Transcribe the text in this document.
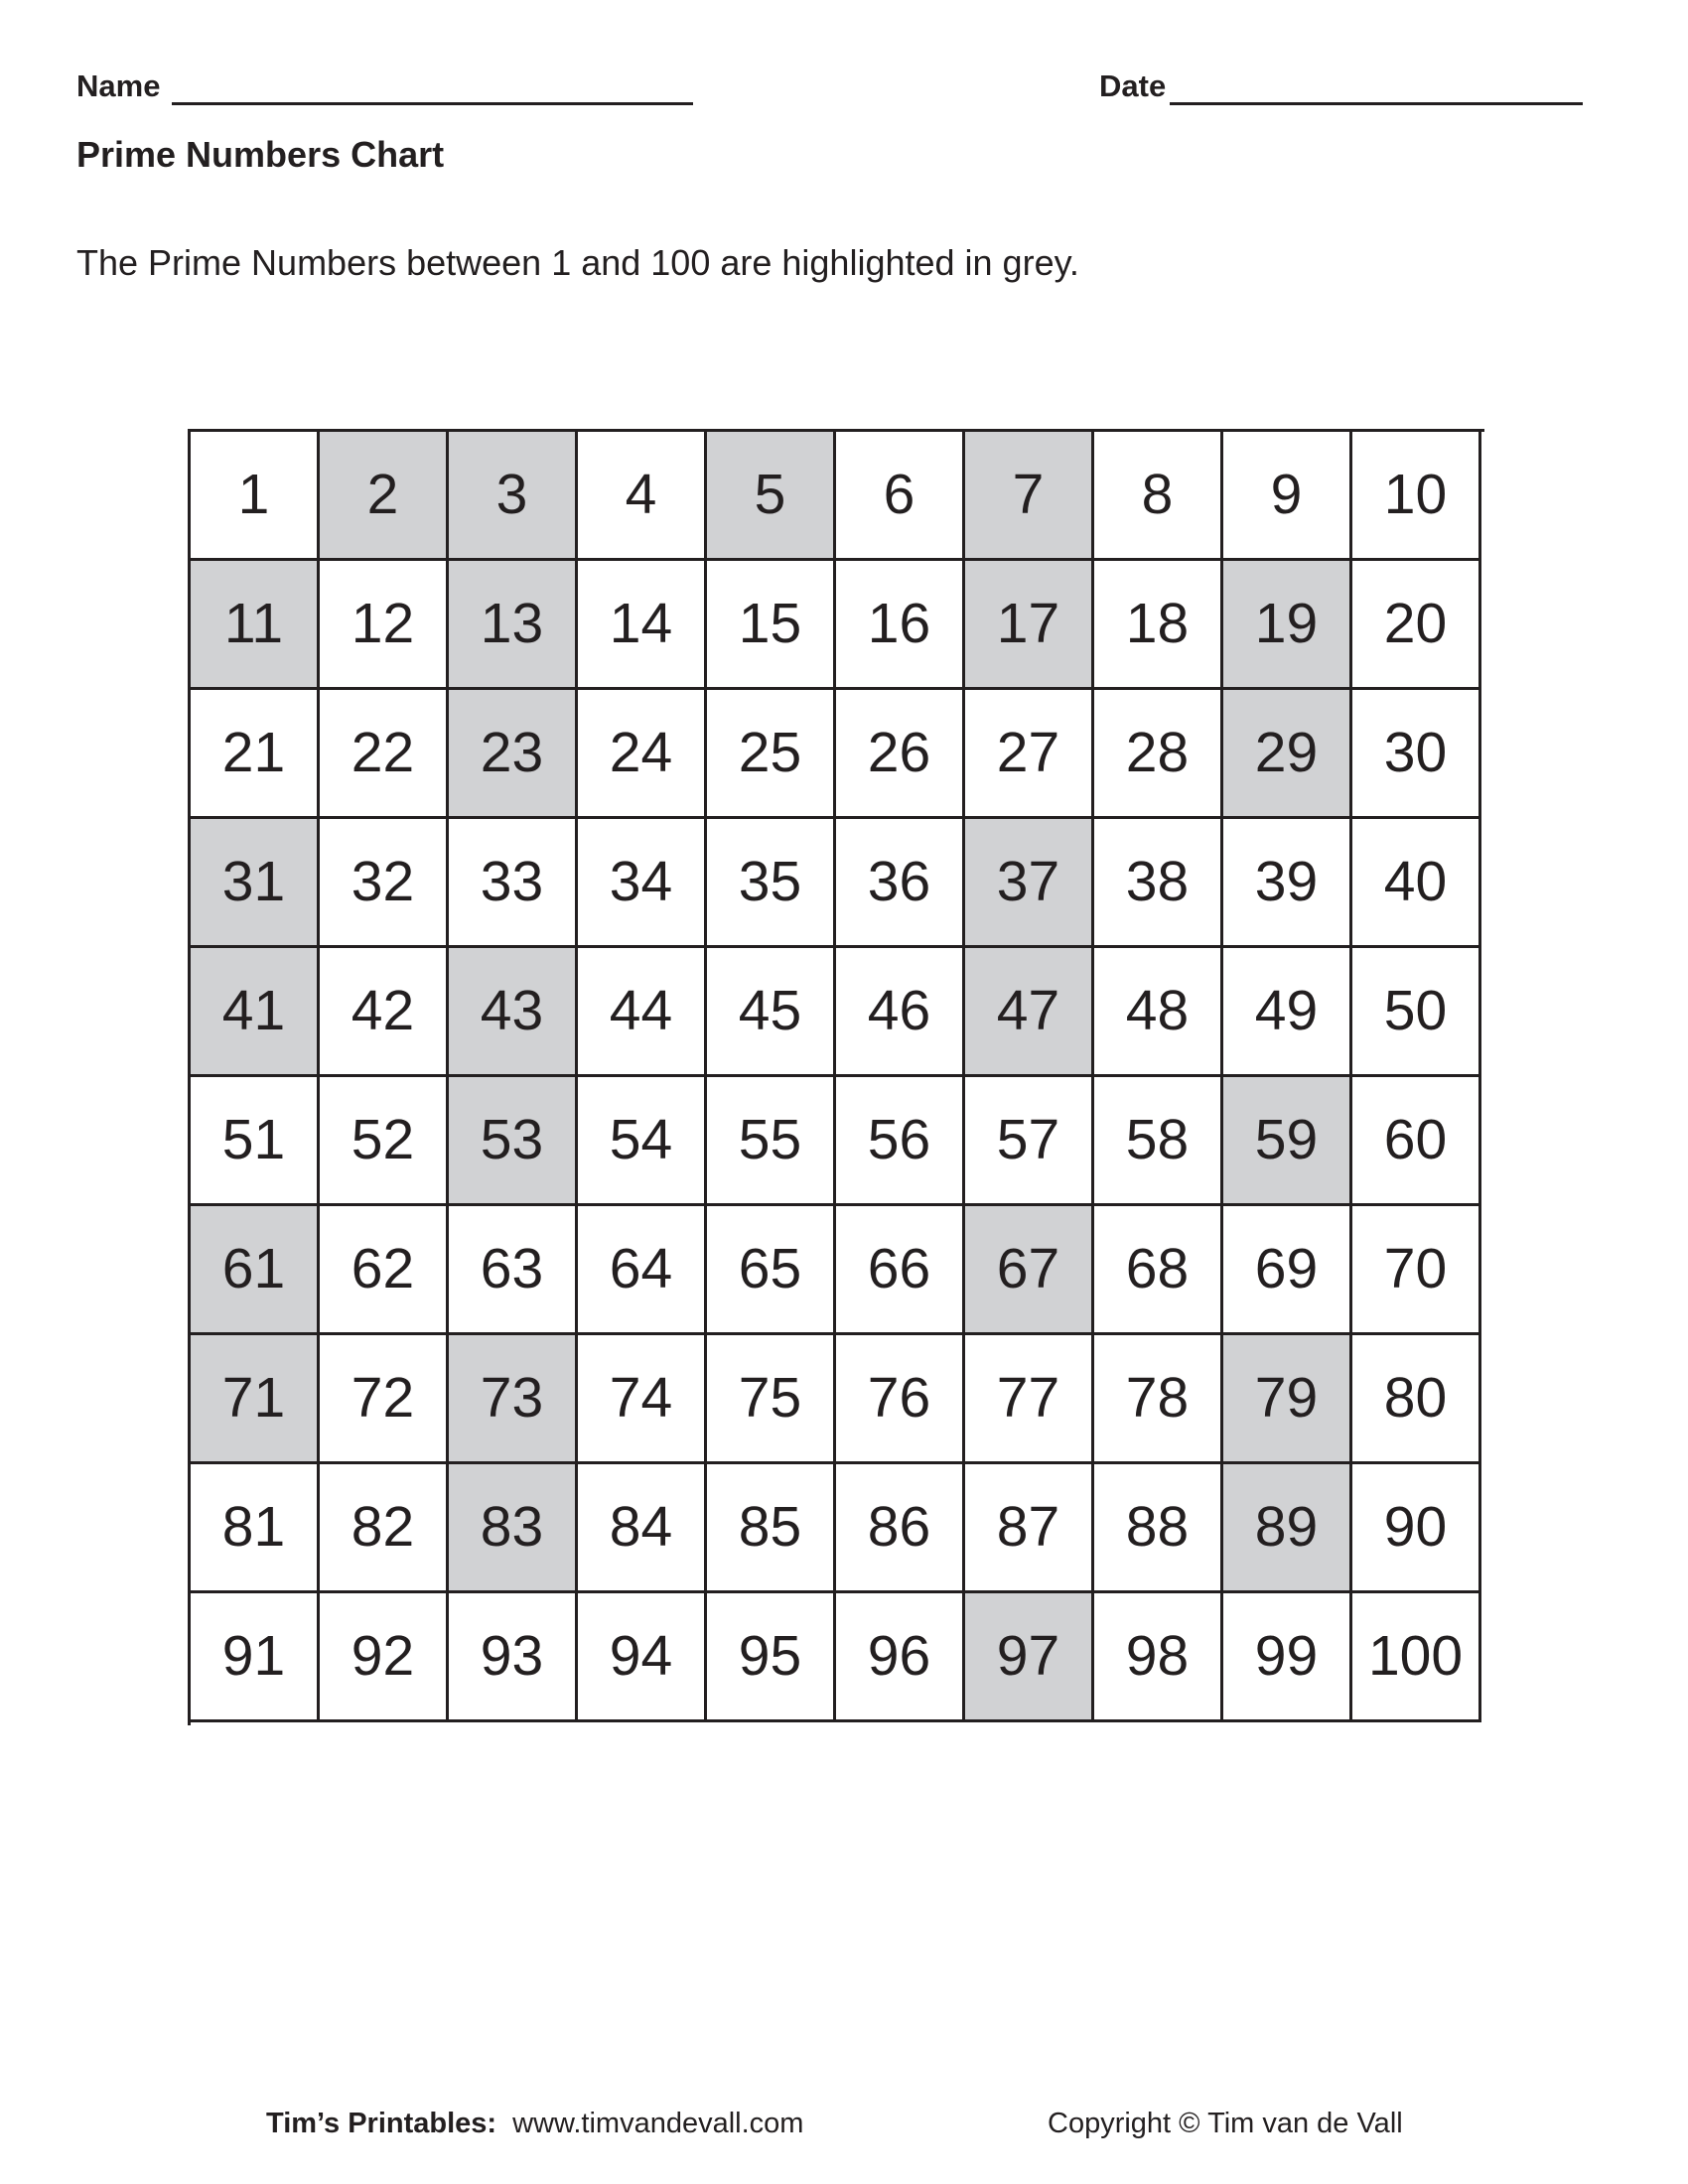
Name	Date
Prime Numbers Chart
The Prime Numbers between 1 and 100 are highlighted in grey.
1	2	3	4	5	6	7	8	9	10
11	12	13	14	15	16	17	18	19	20
21	22	23	24	25	26	27	28	29	30
31	32	33	34	35	36	37	38	39	40
41	42	43	44	45	46	47	48	49	50
51	52	53	54	55	56	57	58	59	60
61	62	63	64	65	66	67	68	69	70
71	72	73	74	75	76	77	78	79	80
81	82	83	84	85	86	87	88	89	90
91	92	93	94	95	96	97	98	99 100
Tim’s Printables: www.timvandevall.com	Copyright © Tim van de Vall
